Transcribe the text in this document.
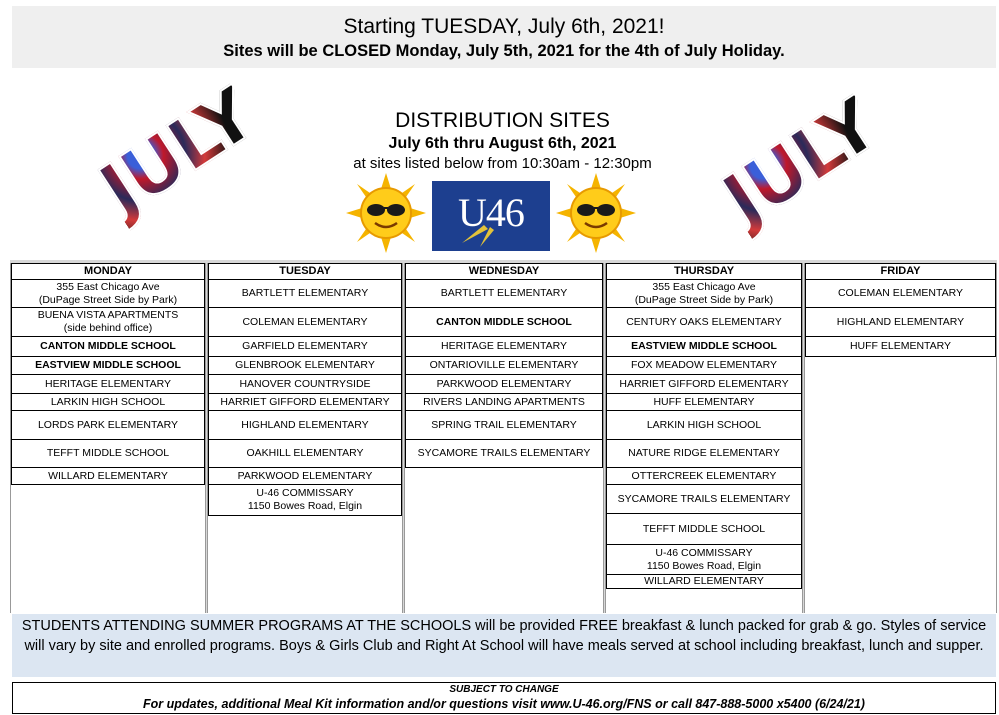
Starting TUESDAY, July 6th, 2021!
Sites will be CLOSED Monday, July 5th, 2021 for the 4th of July Holiday.
JULY	JULY
DISTRIBUTION SITES
July 6th thru August 6th, 2021
at sites listed below from 10:30am - 12:30pm
U46
MONDAY
355 East Chicago Ave
(DuPage Street Side by Park)
BUENA VISTA APARTMENTS
(side behind office)
CANTON MIDDLE SCHOOL
EASTVIEW MIDDLE SCHOOL
HERITAGE ELEMENTARY
LARKIN HIGH SCHOOL
LORDS PARK ELEMENTARY
TEFFT MIDDLE SCHOOL
WILLARD ELEMENTARY
TUESDAY
BARTLETT ELEMENTARY
COLEMAN ELEMENTARY
GARFIELD ELEMENTARY
GLENBROOK ELEMENTARY
HANOVER COUNTRYSIDE
HARRIET GIFFORD ELEMENTARY
HIGHLAND ELEMENTARY
OAKHILL ELEMENTARY
PARKWOOD ELEMENTARY
U-46 COMMISSARY
1150 Bowes Road, Elgin
WEDNESDAY
BARTLETT ELEMENTARY
CANTON MIDDLE SCHOOL
HERITAGE ELEMENTARY
ONTARIOVILLE ELEMENTARY
PARKWOOD ELEMENTARY
RIVERS LANDING APARTMENTS
SPRING TRAIL ELEMENTARY
SYCAMORE TRAILS ELEMENTARY
THURSDAY
355 East Chicago Ave
(DuPage Street Side by Park)
CENTURY OAKS ELEMENTARY
EASTVIEW MIDDLE SCHOOL
FOX MEADOW ELEMENTARY
HARRIET GIFFORD ELEMENTARY
HUFF ELEMENTARY
LARKIN HIGH SCHOOL
NATURE RIDGE ELEMENTARY
OTTERCREEK ELEMENTARY
SYCAMORE TRAILS ELEMENTARY
TEFFT MIDDLE SCHOOL
U-46 COMMISSARY
1150 Bowes Road, Elgin
WILLARD ELEMENTARY
FRIDAY
COLEMAN ELEMENTARY
HIGHLAND ELEMENTARY
HUFF ELEMENTARY
STUDENTS ATTENDING SUMMER PROGRAMS AT THE SCHOOLS will be provided FREE breakfast & lunch packed for grab & go. Styles of service will vary by site and enrolled programs. Boys & Girls Club and Right At School will have meals served at school including breakfast, lunch and supper.
SUBJECT TO CHANGE
For updates, additional Meal Kit information and/or questions visit www.U-46.org/FNS or call 847-888-5000 x5400 (6/24/21)
